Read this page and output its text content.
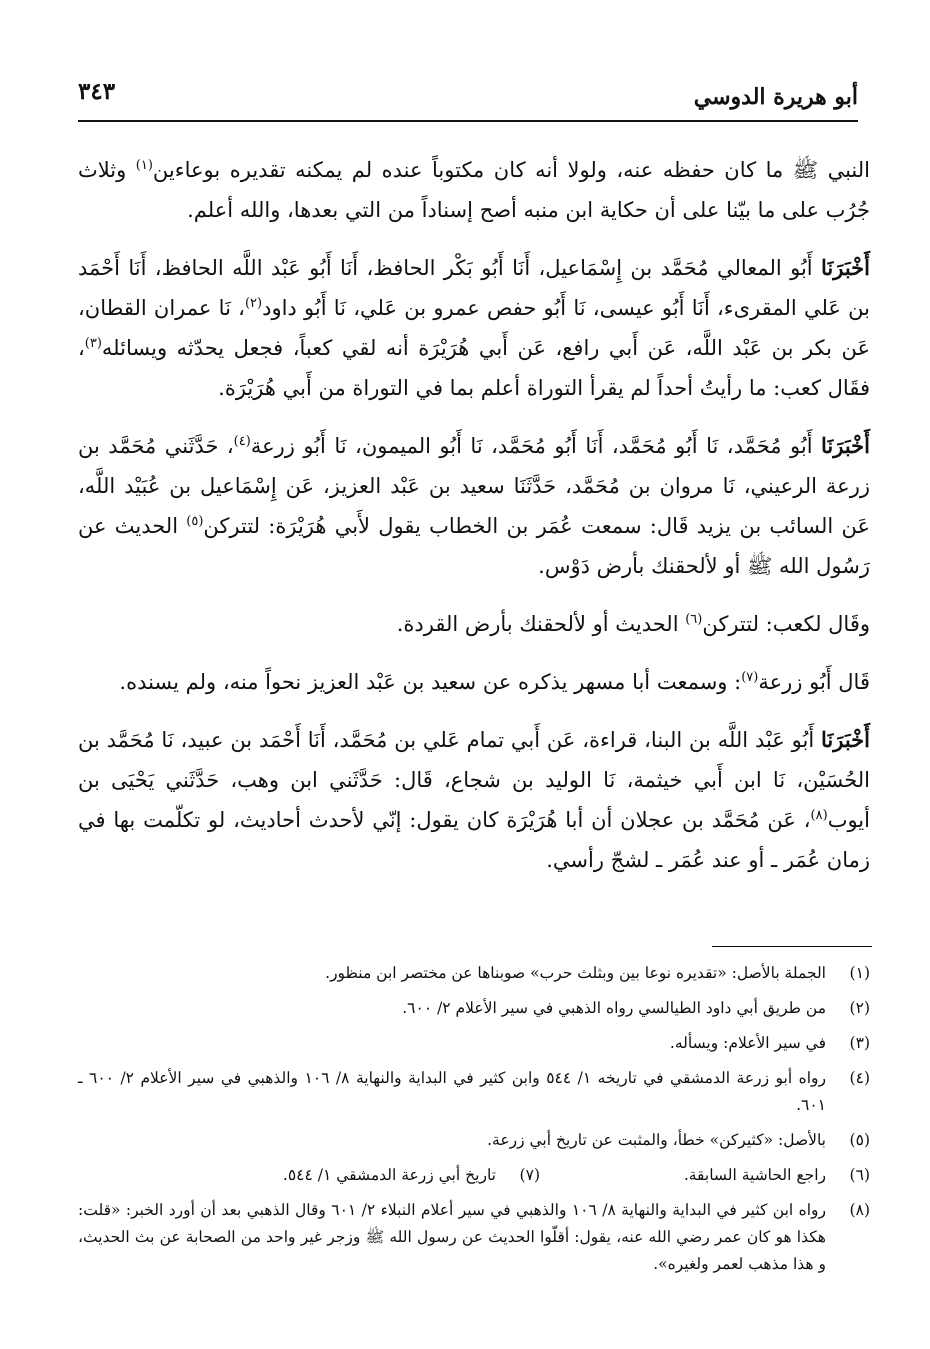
أبو هريرة الدوسي
٣٤٣

النبي ﷺ ما كان حفظه عنه، ولولا أنه كان مكتوباً عنده لم يمكنه تقديره بوعاءين$^{(١)}$ وثلاث جُرُب على ما بيّنا على أن حكاية ابن منبه أصح إسناداً من التي بعدها، والله أعلم.

أَخْبَرَنَا أَبُو المعالي مُحَمَّد بن إِسْمَاعيل، أَنَا أَبُو بَكْر الحافظ، أَنَا أَبُو عَبْد اللَّه الحافظ، أَنَا أَحْمَد بن عَلي المقرىء، أَنَا أَبُو عيسى، نَا أَبُو حفص عمرو بن عَلي، نَا أَبُو داود$^{(٢)}$، نَا عمران القطان، عَن بكر بن عَبْد اللَّه، عَن أَبي رافع، عَن أَبي هُرَيْرَة أنه لقي كعباً، فجعل يحدّثه ويسائله$^{(٣)}$، فقَال كعب: ما رأيتُ أحداً لم يقرأ التوراة أعلم بما في التوراة من أَبي هُرَيْرَة.

أَخْبَرَنَا أَبُو مُحَمَّد، نَا أَبُو مُحَمَّد، أَنَا أَبُو مُحَمَّد، نَا أَبُو الميمون، نَا أَبُو زرعة$^{(٤)}$، حَدَّثَني مُحَمَّد بن زرعة الرعيني، نَا مروان بن مُحَمَّد، حَدَّثَنَا سعيد بن عَبْد العزيز، عَن إِسْمَاعيل بن عُبَيْد اللَّه، عَن السائب بن يزيد قَال: سمعت عُمَر بن الخطاب يقول لأَبي هُرَيْرَة: لتتركن$^{(٥)}$ الحديث عن رَسُول الله ﷺ أو لألحقنك بأرض دَوْس.

وقَال لكعب: لتتركن$^{(٦)}$ الحديث أو لألحقنك بأرض القردة.

قَال أَبُو زرعة$^{(٧)}$: وسمعت أبا مسهر يذكره عن سعيد بن عَبْد العزيز نحواً منه، ولم يسنده.

أَخْبَرَنَا أَبُو عَبْد اللَّه بن البنا، قراءة، عَن أَبي تمام عَلي بن مُحَمَّد، أَنَا أَحْمَد بن عبيد، نَا مُحَمَّد بن الحُسَيْن، نَا ابن أَبي خيثمة، نَا الوليد بن شجاع، قَال: حَدَّثَني ابن وهب، حَدَّثَني يَحْيَى بن أيوب$^{(٨)}$، عَن مُحَمَّد بن عجلان أن أبا هُرَيْرَة كان يقول: إنّي لأحدث أحاديث، لو تكلّمت بها في زمان عُمَر ـ أو عند عُمَر ـ لشجّ رأسي.

(١)
الجملة بالأصل: «تقديره نوعا بين وبثلث حرب» صوبناها عن مختصر ابن منظور.
(٢)
من طريق أبي داود الطيالسي رواه الذهبي في سير الأعلام ٢/ ٦٠٠.
(٣)
في سير الأعلام: ويسأله.
(٤)
رواه أبو زرعة الدمشقي في تاريخه ١/ ٥٤٤ وابن كثير في البداية والنهاية ٨/ ١٠٦ والذهبي في سير الأعلام ٢/ ٦٠٠ ـ ٦٠١.
(٥)
بالأصل: «كثيركن» خطأ، والمثبت عن تاريخ أبي زرعة.
(٦)
راجع الحاشية السابقة.
(٧)
تاريخ أبي زرعة الدمشقي ١/ ٥٤٤.
(٨)
رواه ابن كثير في البداية والنهاية ٨/ ١٠٦ والذهبي في سير أعلام النبلاء ٢/ ٦٠١ وقال الذهبي بعد أن أورد الخبر: «قلت: هكذا هو كان عمر رضي الله عنه، يقول: أقلّوا الحديث عن رسول الله ﷺ وزجر غير واحد من الصحابة عن بث الحديث، و هذا مذهب لعمر ولغيره».
